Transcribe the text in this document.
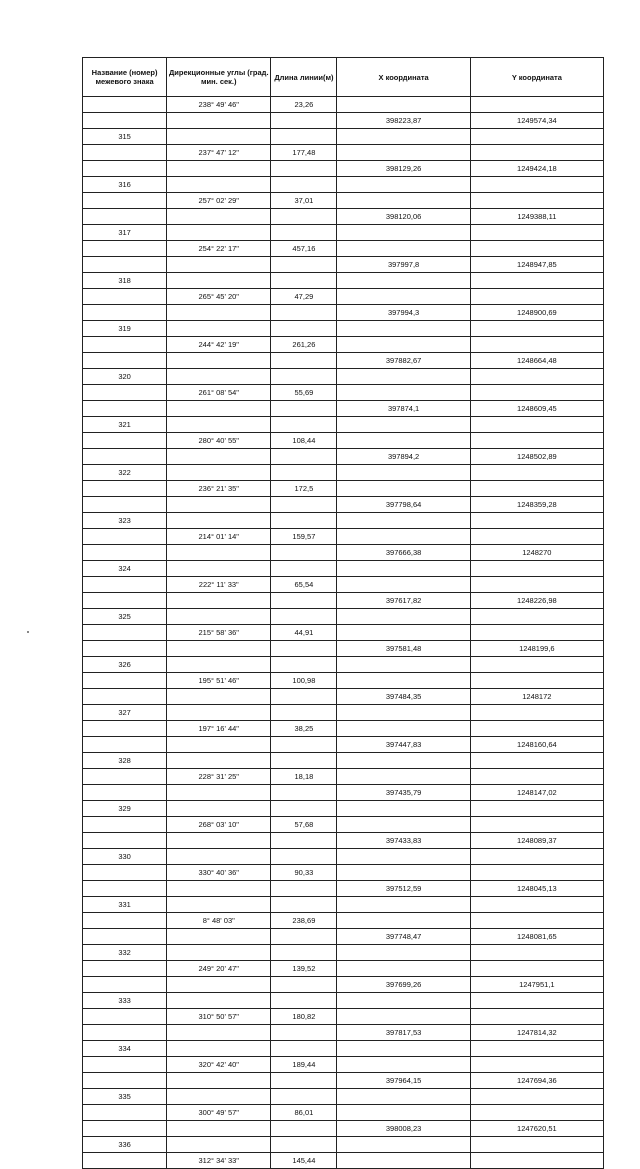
Название (номер) межевого знака	Дирекционные углы (град. мин. сек.)	Длина линии(м)	X координата	Y координата
	238° 49' 46"	23,26		
			398223,87	1249574,34
315				
	237° 47' 12"	177,48		
			398129,26	1249424,18
316				
	257° 02' 29"	37,01		
			398120,06	1249388,11
317				
	254° 22' 17"	457,16		
			397997,8	1248947,85
318				
	265° 45' 20"	47,29		
			397994,3	1248900,69
319				
	244° 42' 19"	261,26		
			397882,67	1248664,48
320				
	261° 08' 54"	55,69		
			397874,1	1248609,45
321				
	280° 40' 55"	108,44		
			397894,2	1248502,89
322				
	236° 21' 35"	172,5		
			397798,64	1248359,28
323				
	214° 01' 14"	159,57		
			397666,38	1248270
324				
	222° 11' 33"	65,54		
			397617,82	1248226,98
325				
	215° 58' 36"	44,91		
			397581,48	1248199,6
326				
	195° 51' 46"	100,98		
			397484,35	1248172
327				
	197° 16' 44"	38,25		
			397447,83	1248160,64
328				
	228° 31' 25"	18,18		
			397435,79	1248147,02
329				
	268° 03' 10"	57,68		
			397433,83	1248089,37
330				
	330° 40' 36"	90,33		
			397512,59	1248045,13
331				
	8° 48' 03"	238,69		
			397748,47	1248081,65
332				
	249° 20' 47"	139,52		
			397699,26	1247951,1
333				
	310° 50' 57"	180,82		
			397817,53	1247814,32
334				
	320° 42' 40"	189,44		
			397964,15	1247694,36
335				
	300° 49' 57"	86,01		
			398008,23	1247620,51
336				
	312° 34' 33"	145,44		
